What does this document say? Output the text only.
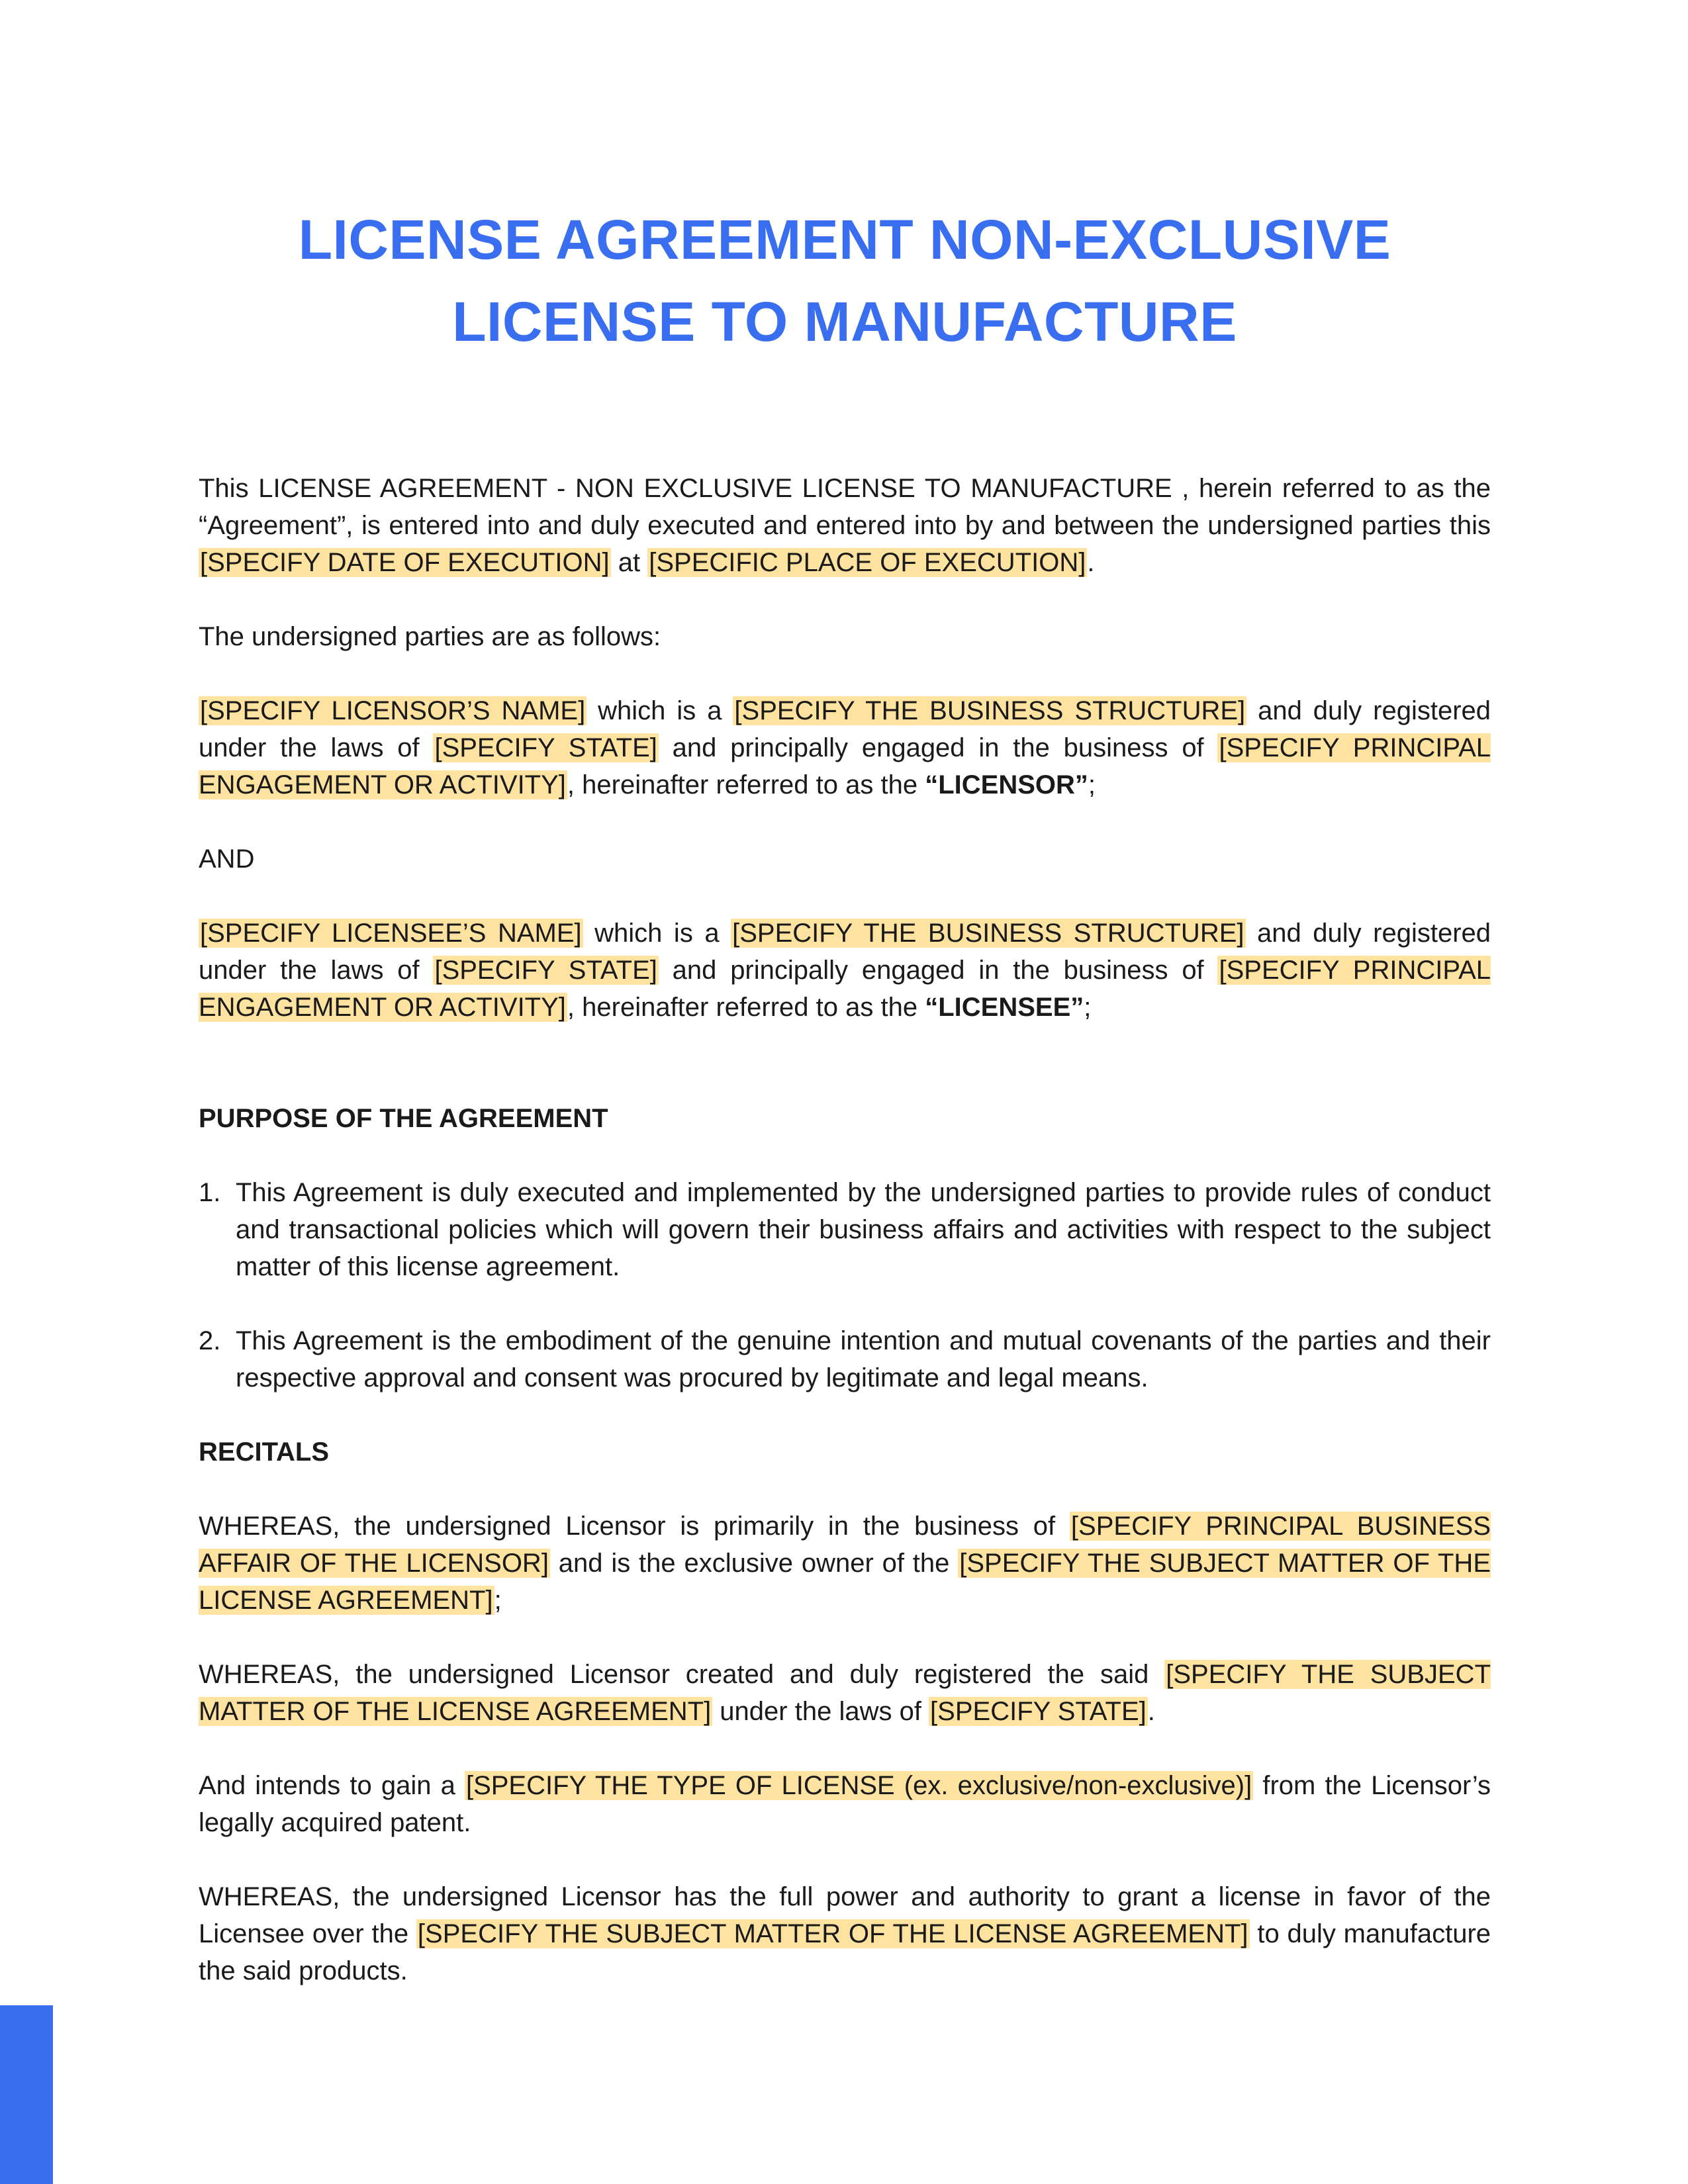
LICENSE AGREEMENT NON-EXCLUSIVE
LICENSE TO MANUFACTURE

This LICENSE AGREEMENT - NON EXCLUSIVE LICENSE TO MANUFACTURE , herein referred to as the “Agreement”, is entered into and duly executed and entered into by and between the undersigned parties this [SPECIFY DATE OF EXECUTION] at [SPECIFIC PLACE OF EXECUTION].

The undersigned parties are as follows:

[SPECIFY LICENSOR’S NAME] which is a [SPECIFY THE BUSINESS STRUCTURE] and duly registered under the laws of [SPECIFY STATE] and principally engaged in the business of [SPECIFY PRINCIPAL ENGAGEMENT OR ACTIVITY], hereinafter referred to as the “LICENSOR”;

AND

[SPECIFY LICENSEE’S NAME] which is a [SPECIFY THE BUSINESS STRUCTURE] and duly registered under the laws of [SPECIFY STATE] and principally engaged in the business of [SPECIFY PRINCIPAL ENGAGEMENT OR ACTIVITY], hereinafter referred to as the “LICENSEE”;

PURPOSE OF THE AGREEMENT
1. This Agreement is duly executed and implemented by the undersigned parties to provide rules of conduct and transactional policies which will govern their business affairs and activities with respect to the subject matter of this license agreement.
2. This Agreement is the embodiment of the genuine intention and mutual covenants of the parties and their respective approval and consent was procured by legitimate and legal means.
RECITALS

WHEREAS, the undersigned Licensor is primarily in the business of [SPECIFY PRINCIPAL BUSINESS AFFAIR OF THE LICENSOR] and is the exclusive owner of the [SPECIFY THE SUBJECT MATTER OF THE LICENSE AGREEMENT];

WHEREAS, the undersigned Licensor created and duly registered the said [SPECIFY THE SUBJECT MATTER OF THE LICENSE AGREEMENT] under the laws of [SPECIFY STATE].

And intends to gain a [SPECIFY THE TYPE OF LICENSE (ex. exclusive/non-exclusive)] from the Licensor’s legally acquired patent.

WHEREAS, the undersigned Licensor has the full power and authority to grant a license in favor of the Licensee over the [SPECIFY THE SUBJECT MATTER OF THE LICENSE AGREEMENT] to duly manufacture the said products.
